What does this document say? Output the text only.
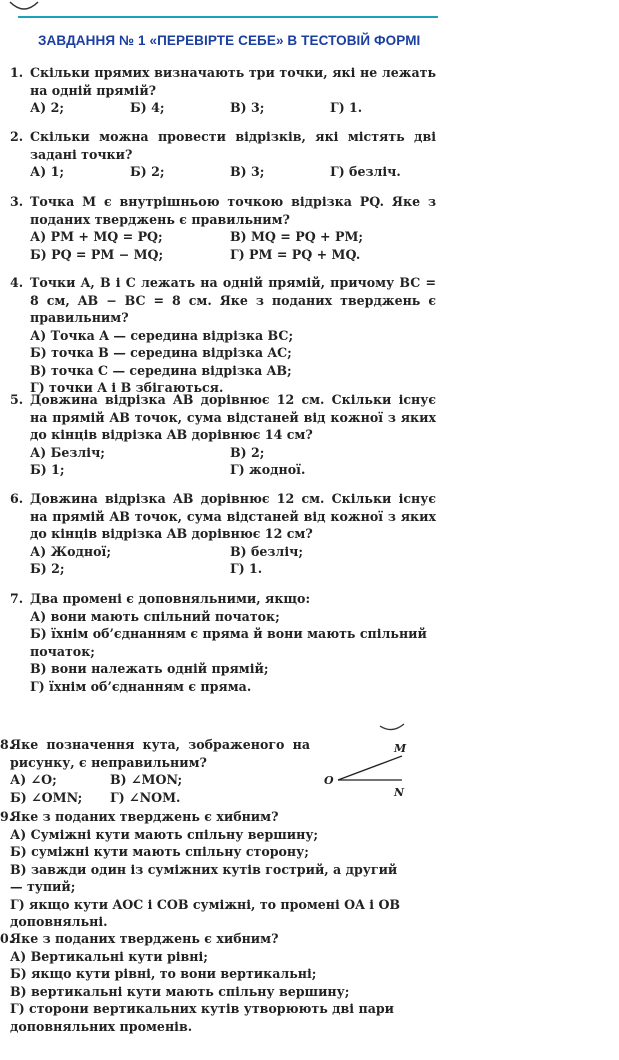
ЗАВДАННЯ № 1 «ПЕРЕВІРТЕ СЕБЕ» В ТЕСТОВІЙ ФОРМІ
1. Скільки прямих визначають три точки, які не лежать на одній прямій?
А) 2;	Б) 4;	В) 3;	Г) 1.
2. Скільки можна провести відрізків, які містять дві задані точки?
А) 1;	Б) 2;	В) 3;	Г) безліч.
3. Точка M є внутрішньою точкою відрізка PQ. Яке з поданих тверджень є правильним?
А) PM + MQ = PQ;	В) MQ = PQ + PM;
Б) PQ = PM − MQ;	Г) PM = PQ + MQ.
4. Точки A, B і C лежать на одній прямій, причому BC = 8 см, AB − BC = 8 см. Яке з поданих тверджень є правильним?
А) Точка A — середина відрізка BC;
Б) точка B — середина відрізка AC;
В) точка C — середина відрізка AB;
Г) точки A і B збігаються.
5. Довжина відрізка AB дорівнює 12 см. Скільки існує на прямій AB точок, сума відстаней від кожної з яких до кінців відрізка AB дорівнює 14 см?
А) Безліч;	В) 2;
Б) 1;	Г) жодної.
6. Довжина відрізка AB дорівнює 12 см. Скільки існує на прямій AB точок, сума відстаней від кожної з яких до кінців відрізка AB дорівнює 12 см?
А) Жодної;	В) безліч;
Б) 2;	Г) 1.
7. Два промені є доповняльними, якщо:
А) вони мають спільний початок;
Б) їхнім об’єднанням є пряма й вони мають спільний початок;
В) вони належать одній прямій;
Г) їхнім об’єднанням є пряма.
8.
Яке позначення кута, зображеного на рисунку, є неправильним?
А) ∠O;	В) ∠MON;
Б) ∠OMN; Г) ∠NOM.
M
O
N
9.
Яке з поданих тверджень є хибним?
А) Суміжні кути мають спільну вершину;
Б) суміжні кути мають спільну сторону;
В) завжди один із суміжних кутів гострий, а другий — тупий;
Г) якщо кути AOC і COB суміжні, то промені OA і OB доповняльні.
0.
Яке з поданих тверджень є хибним?
А) Вертикальні кути рівні;
Б) якщо кути рівні, то вони вертикальні;
В) вертикальні кути мають спільну вершину;
Г) сторони вертикальних кутів утворюють дві пари доповняльних променів.
